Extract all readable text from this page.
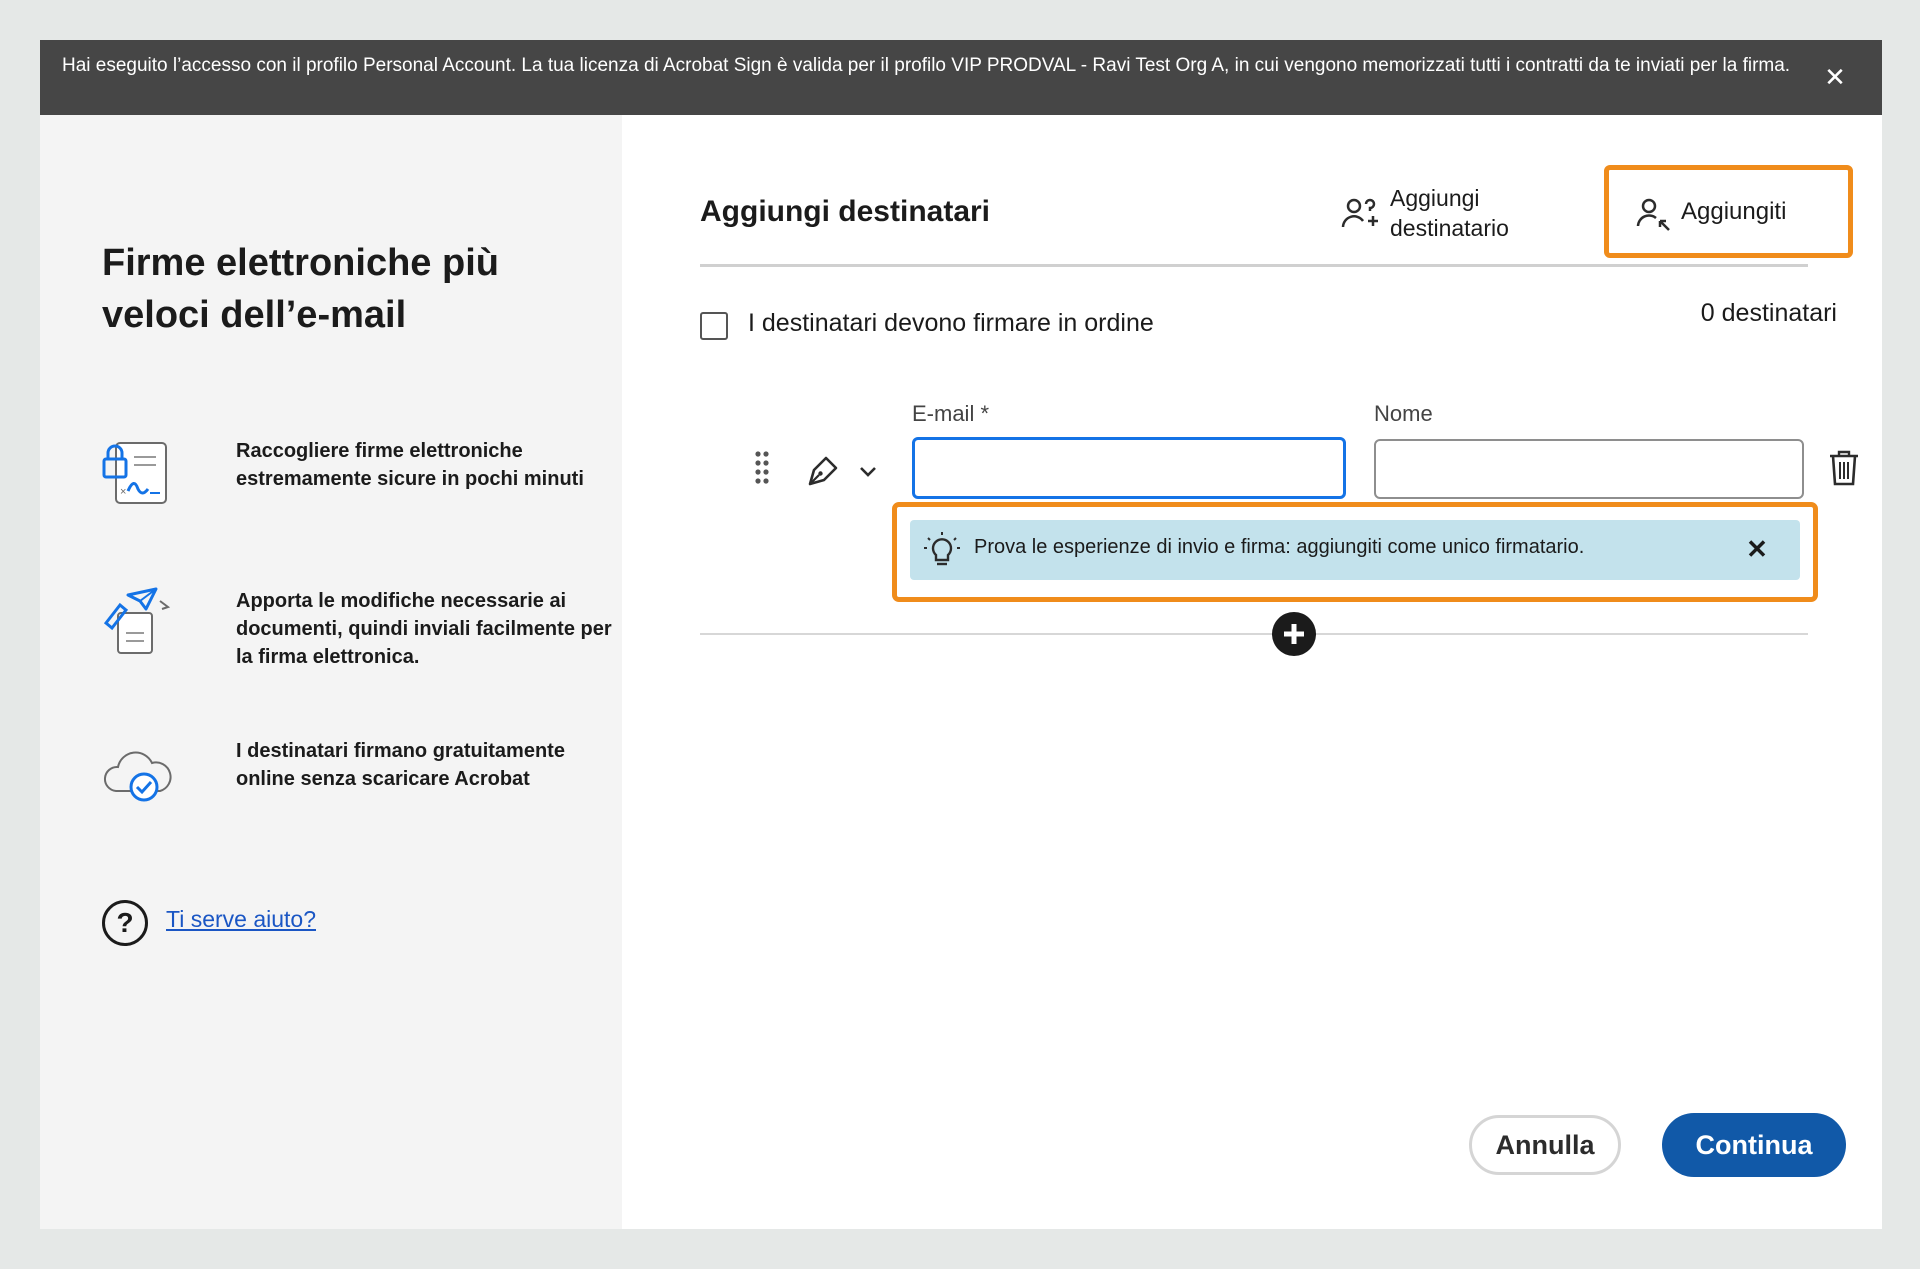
Hai eseguito l’accesso con il profilo Personal Account. La tua licenza di Acrobat Sign è valida per il profilo VIP PRODVAL - Ravi Test Org A, in cui vengono memorizzati tutti i contratti da te inviati per la firma.	✕
Firme elettroniche più veloci dell’e-mail
×
Raccogliere firme elettroniche estremamente sicure in pochi minuti
Apporta le modifiche necessarie ai documenti, quindi inviali facilmente per la firma elettronica.
I destinatari firmano gratuitamente online senza scaricare Acrobat
?	Ti serve aiuto?
Aggiungi destinatari	Aggiungi destinatario
Aggiungiti
I destinatari devono firmare in ordine	0 destinatari
E-mail *	Nome
Prova le esperienze di invio e firma: aggiungiti come unico firmatario.	✕
Annulla	Continua
